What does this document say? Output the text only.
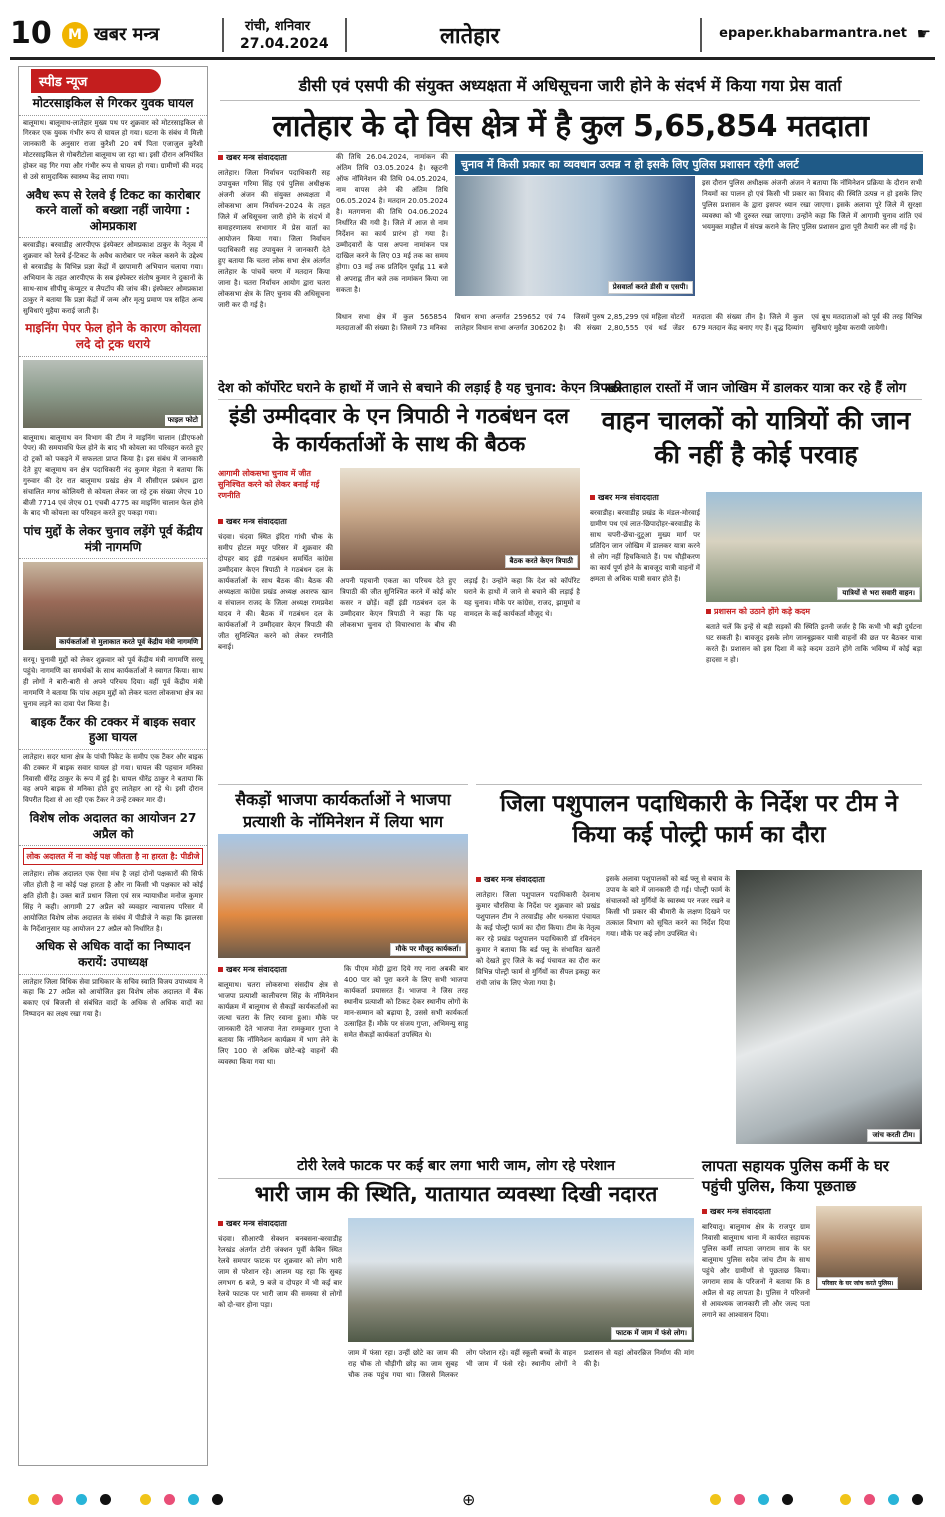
10	M खबर मन्त्र	रांची, शनिवार
27.04.2024	लातेहार	epaper.khabarmantra.net ☛
स्पीड न्यूज
मोटरसाइकिल से गिरकर युवक घायल
बालूमाथ। बालूमाथ-लातेहार मुख्य पथ पर शुक्रवार को मोटरसाइकिल से गिरकर एक युवक गंभीर रूप से घायल हो गया। घटना के संबंध में मिली जानकारी के अनुसार राजा कुरैशी 20 वर्ष पिता एजाजुल कुरैशी मोटरसाइकिल से गोबरीटोला बालूमाथ जा रहा था। इसी दौरान अनियंत्रित होकर वह गिर गया और गंभीर रूप से घायल हो गया। ग्रामीणों की मदद से उसे सामुदायिक स्वास्थ्य केंद्र लाया गया।
अवैध रूप से रेलवे ई टिकट का कारोबार करने वालों को बख्शा नहीं जायेगा : ओमप्रकाश
बरवाडीह। बरवाडीह आरपीएफ इंस्पेक्टर ओमप्रकाश ठाकुर के नेतृत्व में शुक्रवार को रेलवे ई-टिकट के अवैध कारोबार पर नकेल कसने के उद्देश्य से बरवाडीह के विभिन्न प्रज्ञा केंद्रों में छापामारी अभियान चलाया गया। अभियान के तहत आरपीएफ के सब इंस्पेक्टर संतोष कुमार ने दुकानों के साथ-साथ सीपीयू कंप्यूटर व लैपटॉप की जांच की। इंस्पेक्टर ओमप्रकाश ठाकुर ने बताया कि प्रज्ञा केंद्रों में जन्म और मृत्यु प्रमाण पत्र सहित अन्य सुविधाएं मुहैया कराई जाती हैं।
माइनिंग पेपर फेल होने के कारण कोयला लदे दो ट्रक धराये
फाइल फोटो
बालूमाथ। बालूमाथ वन विभाग की टीम ने माइनिंग चालान (डीएफओ पेपर) की समयावधि फेल होने के बाद भी कोयला का परिवहन करते हुए दो ट्रकों को पकड़ने में सफलता प्राप्त किया है। इस संबंध में जानकारी देते हुए बालूमाथ वन क्षेत्र पदाधिकारी नंद कुमार मेहता ने बताया कि गुरुवार की देर रात बालूमाथ प्रखंड क्षेत्र में सीसीएल प्रबंधन द्वारा संचालित मगध कोलियरी से कोयला लेकर जा रहे ट्रक संख्या जेएच 10 बीजी 7714 एवं जेएच 01 एचबी 4775 का माइनिंग चालान फेल होने के बाद भी कोयला का परिवहन करते हुए पकड़ा गया।
पांच मुद्दों के लेकर चुनाव लड़ेंगे पूर्व केंद्रीय मंत्री नागमणि
कार्यकर्ताओं से मुलाकात करते पूर्व केंद्रीय मंत्री नागमणि
सरयू। चुनावी मुद्दों को लेकर शुक्रवार को पूर्व केंद्रीय मंत्री नागमणि सरयू पहुंचे। नागमणि का समर्थकों के साथ कार्यकर्ताओं ने स्वागत किया। साथ ही लोगों ने बारी-बारी से अपने परिचय दिया। वहीं पूर्व केंद्रीय मंत्री नागमणि ने बताया कि पांच अहम मुद्दों को लेकर चतरा लोकसभा क्षेत्र का चुनाव लड़ने का दावा पेश किया है।
बाइक टैंकर की टक्कर में बाइक सवार हुआ घायल
लातेहार। सदर थाना क्षेत्र के पांची पिकेट के समीप एक टैंकर और बाइक की टक्कर में बाइक सवार घायल हो गया। घायल की पहचान मनिका निवासी धीरेंद्र ठाकुर के रूप में हुई है। घायल धीरेंद्र ठाकुर ने बताया कि वह अपने बाइक से मनिका होते हुए लातेहार आ रहे थे। इसी दौरान विपरीत दिशा से आ रही एक टैंकर ने उन्हें टक्कर मार दी।
विशेष लोक अदालत का आयोजन 27 अप्रैल को
लोक अदालत में ना कोई पक्ष जीतता है ना हारता है: पीडीजे
लातेहार। लोक अदालत एक ऐसा मंच है जहां दोनों पक्षकारों की सिर्फ जीत होती है ना कोई पक्ष हारता है और ना किसी भी पक्षकार को कोई क्षति होती है। उक्त बातें प्रधान जिला एवं सत्र न्यायाधीश मनोज कुमार सिंह ने कही। आगामी 27 अप्रैल को व्यवहार न्यायालय परिसर में आयोजित विशेष लोक अदालत के संबंध में पीडीजे ने कहा कि झालसा के निर्देशानुसार यह आयोजन 27 अप्रैल को निर्धारित है।
अधिक से अधिक वादों का निष्पादन करायें: उपाध्यक्ष
लातेहार जिला विधिक सेवा प्राधिकार के सचिव स्वाति विजय उपाध्याय ने कहा कि 27 अप्रैल को आयोजित इस विशेष लोक अदालत में बैंक बकाए एवं बिजली से संबंधित वादों के अधिक से अधिक वादों का निष्पादन का लक्ष्य रखा गया है।
डीसी एवं एसपी की संयुक्त अध्यक्षता में अधिसूचना जारी होने के संदर्भ में किया गया प्रेस वार्ता
लातेहार के दो विस क्षेत्र में है कुल 5,65,854 मतदाता
खबर मन्त्र संवाददाता
लातेहार। जिला निर्वाचन पदाधिकारी सह उपायुक्त गरिमा सिंह एवं पुलिस अधीक्षक अंजनी अंजन की संयुक्त अध्यक्षता में लोकसभा आम निर्वाचन-2024 के तहत जिले में अधिसूचना जारी होने के संदर्भ में समाहरणालय सभागार में प्रेस वार्ता का आयोजन किया गया। जिला निर्वाचन पदाधिकारी सह उपायुक्त ने जानकारी देते हुए बताया कि चतरा लोक सभा क्षेत्र अंतर्गत लातेहार के पांचवें चरण में मतदान किया जाना है। चतरा निर्वाचन आयोग द्वारा चतरा लोकसभा क्षेत्र के लिए चुनाव की अधिसूचना जारी कर दी गई है।
की तिथि 26.04.2024, नामांकन की अंतिम तिथि 03.05.2024 है। स्क्रूटनी ऑफ नॉमिनेशन की तिथि 04.05.2024, नाम वापस लेने की अंतिम तिथि 06.05.2024 है। मतदान 20.05.2024 है। मतगणना की तिथि 04.06.2024 निर्धारित की गयी है। जिले में आज से नाम निर्देशन का कार्य प्रारंभ हो गया है। उम्मीदवारों के पास अपना नामांकन पत्र दाखिल करने के लिए 03 मई तक का समय होगा। 03 मई तक प्रतिदिन पूर्वाह्न 11 बजे से अपराह्न तीन बजे तक नामांकन किया जा सकता है।
चुनाव में किसी प्रकार का व्यवधान उत्पन्न न हो इसके लिए पुलिस प्रशासन रहेगी अलर्ट
प्रेसवार्ता करते डीसी व एसपी।
इस दौरान पुलिस अधीक्षक अंजनी अंजन ने बताया कि नॉमिनेशन प्रक्रिया के दौरान सभी नियमों का पालन हो एवं किसी भी प्रकार का विवाद की स्थिति उत्पन्न न हो इसके लिए पुलिस प्रशासन के द्वारा इसपर ध्यान रखा जाएगा। इसके अलावा पूरे जिले में सुरक्षा व्यवस्था को भी दुरुस्त रखा जाएगा। उन्होंने कहा कि जिले में आगामी चुनाव शांति एवं भयमुक्त माहौल में संपन्न कराने के लिए पुलिस प्रशासन द्वारा पूरी तैयारी कर ली गई है।
विधान सभा क्षेत्र में कुल 565854 मतदाताओं की संख्या है। जिसमें 73 मनिका विधान सभा अन्तर्गत 259652 एवं 74 लातेहार विधान सभा अन्तर्गत 306202 है। जिसमें पुरुष 2,85,299 एवं महिला वोटरों की संख्या 2,80,555 एवं थर्ड जेंडर मतदाता की संख्या तीन है। जिले में कुल 679 मतदान केंद्र बनाए गए हैं। वृद्ध दिव्यांग एवं बूथ मतदाताओं को पूर्व की तरह विभिन्न सुविधाएं मुहैया करायी जायेगी।
देश को कॉर्पोरेट घराने के हाथों में जाने से बचाने की लड़ाई है यह चुनाव: केएन त्रिपाठी
इंडी उम्मीदवार के एन त्रिपाठी ने गठबंधन दल के कार्यकर्ताओं के साथ की बैठक
आगामी लोकसभा चुनाव में जीत सुनिश्चित करने को लेकर बनाई गई रणनीति
बैठक करते केएन त्रिपाठी
खबर मन्त्र संवाददाता
चंदवा। चंदवा स्थित इंदिरा गांधी चौक के समीप होटल मयूर परिसर में शुक्रवार की दोपहर बाद इंडी गठबंधन समर्थित कांग्रेस उम्मीदवार केएन त्रिपाठी ने गठबंधन दल के कार्यकर्ताओं के साथ बैठक की। बैठक की अध्यक्षता कांग्रेस प्रखंड अध्यक्ष अशरफ खान व संचालन राजद के जिला अध्यक्ष रामप्रवेश यादव ने की। बैठक में गठबंधन दल के कार्यकर्ताओं ने उम्मीदवार केएन त्रिपाठी की जीत सुनिश्चित करने को लेकर रणनीति बनाई।
अपनी पहचानी एकता का परिचय देते हुए त्रिपाठी की जीत सुनिश्चित करने में कोई कोर कसर न छोड़ें। वहीं इंडी गठबंधन दल के उम्मीदवार केएन त्रिपाठी ने कहा कि यह लोकसभा चुनाव दो विचारधारा के बीच की लड़ाई है। उन्होंने कहा कि देश को कॉर्पोरेट घराने के हाथों में जाने से बचाने की लड़ाई है यह चुनाव। मौके पर कांग्रेस, राजद, झामुमो व वामदल के कई कार्यकर्ता मौजूद थे।
खस्ताहाल रास्तों में जान जोखिम में डालकर यात्रा कर रहे हैं लोग
वाहन चालकों को यात्रियों की जान की नहीं है कोई परवाह
खबर मन्त्र संवाददाता
बरवाडीह। बरवाडीह प्रखंड के मंडल-मोरवाई ग्रामीण पथ एवं लात-छिपादोहर-बरवाडीह के साथ चपरी-छेंचा-दुटूआ मुख्य मार्ग पर प्रतिदिन जान जोखिम में डालकर यात्रा करने से लोग नहीं हिचकिचाते हैं। पथ चौड़ीकरण का कार्य पूर्ण होने के बावजूद यात्री वाहनों में क्षमता से अधिक यात्री सवार होते हैं।
यात्रियों से भरा सवारी वाहन।
प्रशासन को उठाने होंगे कड़े कदम
बताते चलें कि इन्हें से बड़ी सड़कों की स्थिति इतनी जर्जर है कि कभी भी बड़ी दुर्घटना घट सकती है। बावजूद इसके लोग जानबूझकर यात्री वाहनों की छत पर बैठकर यात्रा करते हैं। प्रशासन को इस दिशा में कड़े कदम उठाने होंगे ताकि भविष्य में कोई बड़ा हादसा न हो।
सैकड़ों भाजपा कार्यकर्ताओं ने भाजपा प्रत्याशी के नॉमिनेशन में लिया भाग
मौके पर मौजूद कार्यकर्ता।
खबर मन्त्र संवाददाता
बालूमाथ। चतरा लोकसभा संसदीय क्षेत्र से भाजपा प्रत्याशी कालीचरण सिंह के नॉमिनेशन कार्यक्रम में बालूमाथ से सैकड़ों कार्यकर्ताओं का जत्था चतरा के लिए रवाना हुआ। मौके पर जानकारी देते भाजपा नेता रामकुमार गुप्ता ने बताया कि नॉमिनेशन कार्यक्रम में भाग लेने के लिए 100 से अधिक छोटे-बड़े वाहनों की व्यवस्था किया गया था।
कि पीएम मोदी द्वारा दिये गए नारा अबकी बार 400 पार को पूरा करने के लिए सभी भाजपा कार्यकर्ता प्रयासरत हैं। भाजपा ने जिस तरह स्थानीय प्रत्याशी को टिकट देकर स्थानीय लोगों के मान-सम्मान को बढ़ाया है, उससे सभी कार्यकर्ता उत्साहित हैं। मौके पर संजय गुप्ता, अभिमन्यु साहु समेत सैकड़ों कार्यकर्ता उपस्थित थे।
जिला पशुपालन पदाधिकारी के निर्देश पर टीम ने किया कई पोल्ट्री फार्म का दौरा
खबर मन्त्र संवाददाता
लातेहार। जिला पशुपालन पदाधिकारी देवनाथ कुमार चौरसिया के निर्देश पर शुक्रवार को प्रखंड पशुपालन टीम ने तरवाडीह और धनकारा पंचायत के कई पोल्ट्री फार्म का दौरा किया। टीम के नेतृत्व कर रहे प्रखंड पशुपालन पदाधिकारी डॉ रविनंदन कुमार ने बताया कि बर्ड फ्लू के संभावित खतरों को देखते हुए जिले के कई पंचायत का दौरा कर विभिन्न पोल्ट्री फार्म से मुर्गियों का सैंपल इकट्ठा कर रांची जांच के लिए भेजा गया है।
इसके अलावा पशुपालकों को बर्ड फ्लू से बचाव के उपाय के बारे में जानकारी दी गई। पोल्ट्री फार्म के संचालकों को मुर्गियों के स्वास्थ्य पर नजर रखने व किसी भी प्रकार की बीमारी के लक्षण दिखने पर तत्काल विभाग को सूचित करने का निर्देश दिया गया। मौके पर कई लोग उपस्थित थे।
जांच करती टीम।
टोरी रेलवे फाटक पर कई बार लगा भारी जाम, लोग रहे परेशान
भारी जाम की स्थिति, यातायात व्यवस्था दिखी नदारत
खबर मन्त्र संवाददाता
चंदवा। सीआरपी सेक्शन बनबसना-बरवाडीह रेलखंड अंतर्गत टोरी जंक्शन पूर्वी केबिन स्थित रेलवे समपार फाटक पर शुक्रवार को लोग भारी जाम से परेशान रहे। आलम यह रहा कि सुबह लगभग 6 बजे, 9 बजे व दोपहर में भी कई बार रेलवे फाटक पर भारी जाम की समस्या से लोगों को दो-चार होना पड़ा।
फाटक में जाम में फंसे लोग।
जाम में फंसा रहा। उन्हीं छोटे का जाम की राह चौक तो चौड़ीगी छोड़ का जाम सुबह चौक तक पहुंच गया था। जिससे मिलकर लोग परेशान रहे। वहीं स्कूली बच्चों के वाहन भी जाम में फंसे रहे। स्थानीय लोगों ने प्रशासन से यहां ओवरब्रिज निर्माण की मांग की है।
लापता सहायक पुलिस कर्मी के घर पहुंची पुलिस, किया पूछताछ
खबर मन्त्र संवाददाता
बारियातू। बालुमाथ क्षेत्र के राजपुर ग्राम निवासी बालूमाथ थाना में कार्यरत सहायक पुलिस कर्मी लापता जगराम साव के घर बालूमाथ पुलिस सदैव जांच टीम के साथ पहुंचे और ग्रामीणों से पूछताछ किया। जगराम साव के परिजनों ने बताया कि 8 अप्रैल से वह लापता है। पुलिस ने परिजनों से आवश्यक जानकारी ली और जल्द पता लगाने का आश्वासन दिया।
परिवार के घर जांच करते पुलिस।
⊕
